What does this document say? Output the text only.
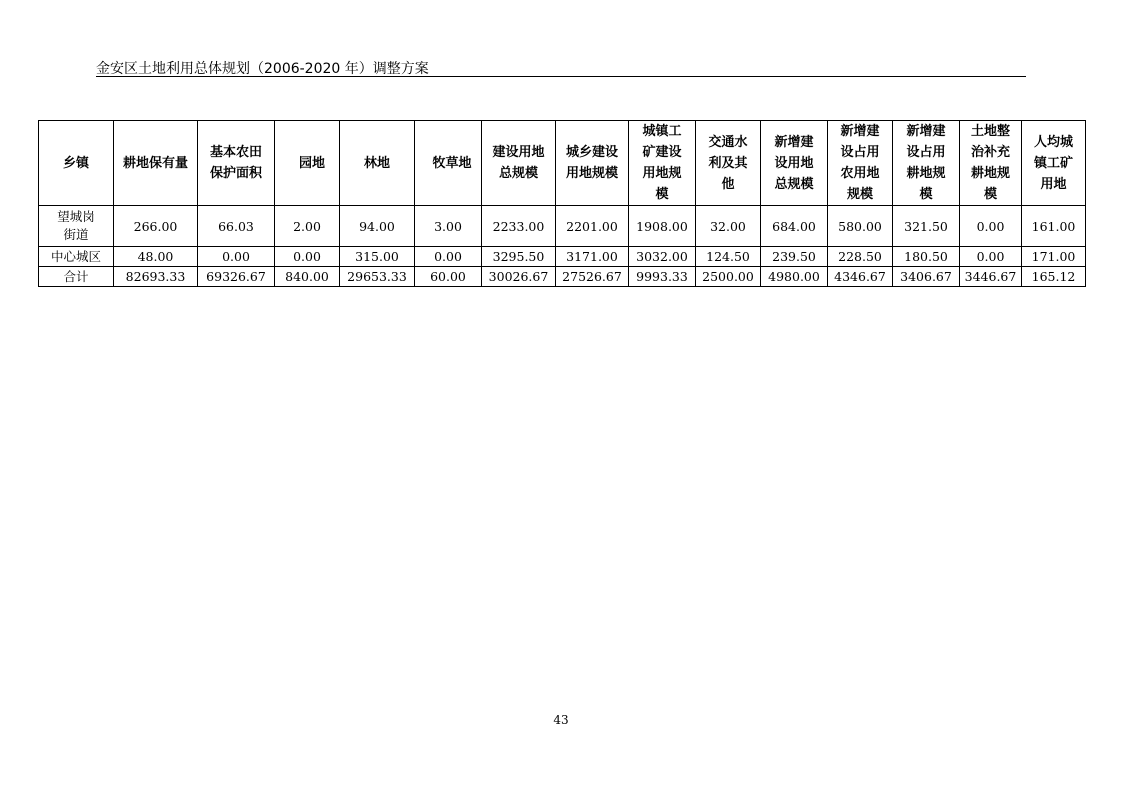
金安区土地利用总体规划（2006-2020 年）调整方案
乡镇	耕地保有量	基本农田保护面积	园地	林地	牧草地	建设用地总规模	城乡建设用地规模	城镇工矿建设用地规模	交通水利及其他	新增建设用地总规模	新增建设占用农用地规模	新增建设占用耕地规模	土地整治补充耕地规模	人均城镇工矿用地
望城岗街道	266.00	66.03	2.00	94.00	3.00	2233.00	2201.00	1908.00	32.00	684.00	580.00	321.50	0.00	161.00
中心城区	48.00	0.00	0.00	315.00	0.00	3295.50	3171.00	3032.00	124.50	239.50	228.50	180.50	0.00	171.00
合计	82693.33	69326.67	840.00	29653.33	60.00	30026.67	27526.67	9993.33	2500.00	4980.00	4346.67	3406.67	3446.67	165.12
43
